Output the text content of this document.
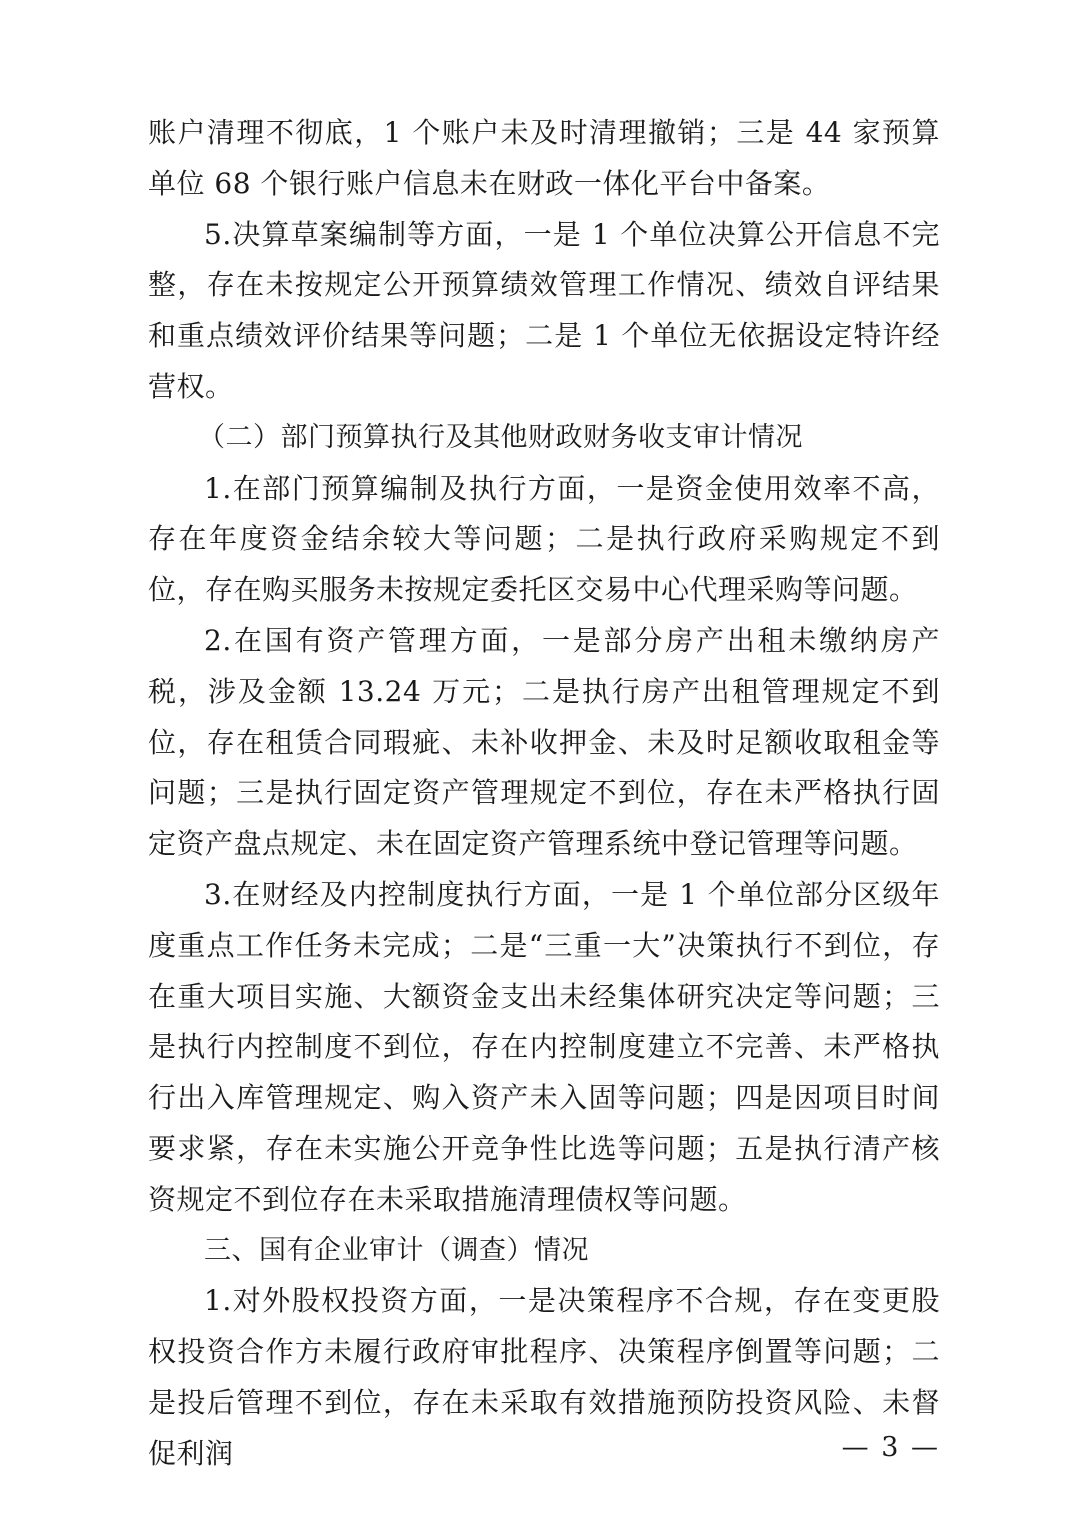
账户清理不彻底，1 个账户未及时清理撤销；三是 44 家预算单位 68 个银行账户信息未在财政一体化平台中备案。

5.决算草案编制等方面，一是 1 个单位决算公开信息不完整，存在未按规定公开预算绩效管理工作情况、绩效自评结果和重点绩效评价结果等问题；二是 1 个单位无依据设定特许经营权。

（二）部门预算执行及其他财政财务收支审计情况

1.在部门预算编制及执行方面，一是资金使用效率不高，存在年度资金结余较大等问题；二是执行政府采购规定不到位，存在购买服务未按规定委托区交易中心代理采购等问题。

2.在国有资产管理方面，一是部分房产出租未缴纳房产税，涉及金额 13.24 万元；二是执行房产出租管理规定不到位，存在租赁合同瑕疵、未补收押金、未及时足额收取租金等问题；三是执行固定资产管理规定不到位，存在未严格执行固定资产盘点规定、未在固定资产管理系统中登记管理等问题。

3.在财经及内控制度执行方面，一是 1 个单位部分区级年度重点工作任务未完成；二是“三重一大”决策执行不到位，存在重大项目实施、大额资金支出未经集体研究决定等问题；三是执行内控制度不到位，存在内控制度建立不完善、未严格执行出入库管理规定、购入资产未入固等问题；四是因项目时间要求紧，存在未实施公开竞争性比选等问题；五是执行清产核资规定不到位存在未采取措施清理债权等问题。

三、国有企业审计（调查）情况

1.对外股权投资方面，一是决策程序不合规，存在变更股权投资合作方未履行政府审批程序、决策程序倒置等问题；二是投后管理不到位，存在未采取有效措施预防投资风险、未督促利润	— 3 —
